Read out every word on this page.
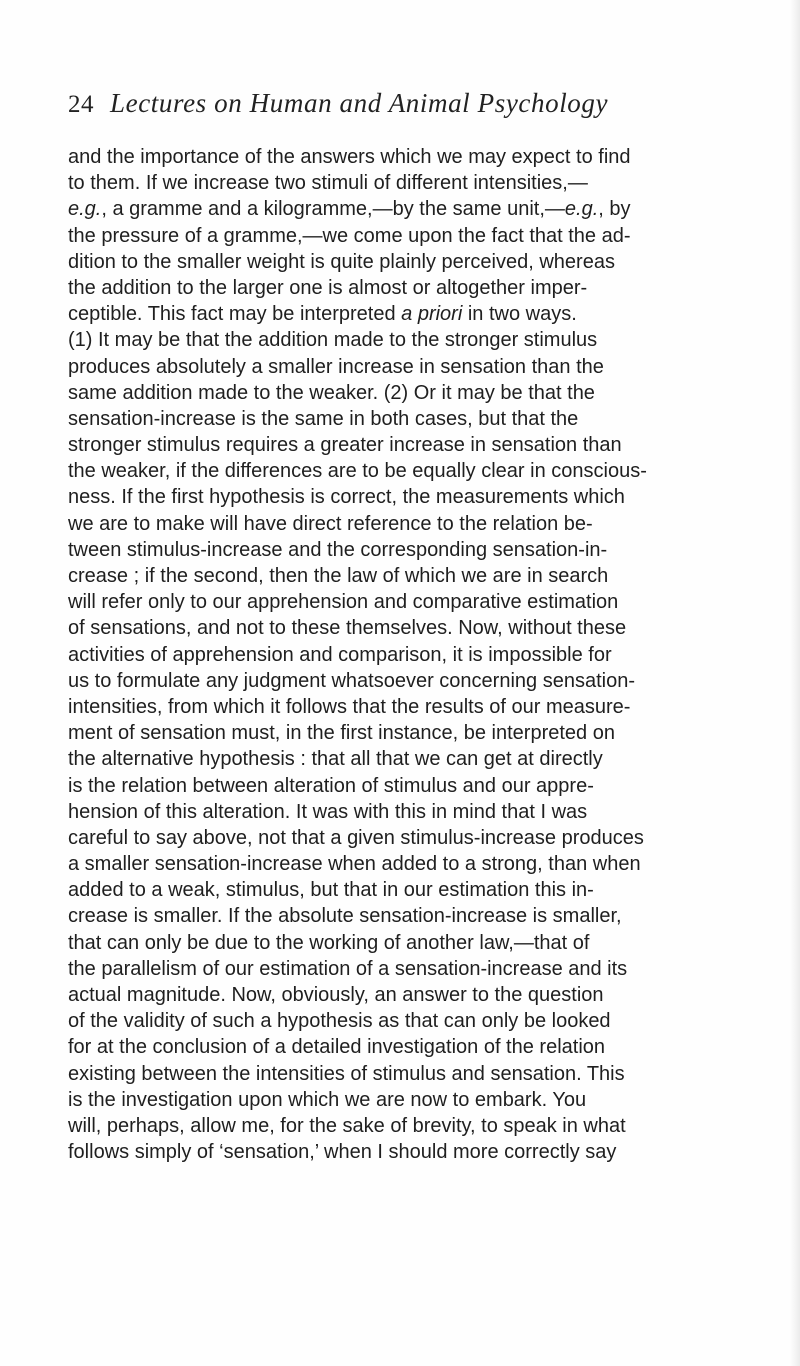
24 Lectures on Human and Animal Psychology
and the importance of the answers which we may expect to find
to them. If we increase two stimuli of different intensities,—
e.g., a gramme and a kilogramme,—by the same unit,—e.g., by
the pressure of a gramme,—we come upon the fact that the ad-
dition to the smaller weight is quite plainly perceived, whereas
the addition to the larger one is almost or altogether imper-
ceptible. This fact may be interpreted a priori in two ways.
(1) It may be that the addition made to the stronger stimulus
produces absolutely a smaller increase in sensation than the
same addition made to the weaker. (2) Or it may be that the
sensation-increase is the same in both cases, but that the
stronger stimulus requires a greater increase in sensation than
the weaker, if the differences are to be equally clear in conscious-
ness. If the first hypothesis is correct, the measurements which
we are to make will have direct reference to the relation be-
tween stimulus-increase and the corresponding sensation-in-
crease ; if the second, then the law of which we are in search
will refer only to our apprehension and comparative estimation
of sensations, and not to these themselves. Now, without these
activities of apprehension and comparison, it is impossible for
us to formulate any judgment whatsoever concerning sensation-
intensities, from which it follows that the results of our measure-
ment of sensation must, in the first instance, be interpreted on
the alternative hypothesis : that all that we can get at directly
is the relation between alteration of stimulus and our appre-
hension of this alteration. It was with this in mind that I was
careful to say above, not that a given stimulus-increase produces
a smaller sensation-increase when added to a strong, than when
added to a weak, stimulus, but that in our estimation this in-
crease is smaller. If the absolute sensation-increase is smaller,
that can only be due to the working of another law,—that of
the parallelism of our estimation of a sensation-increase and its
actual magnitude. Now, obviously, an answer to the question
of the validity of such a hypothesis as that can only be looked
for at the conclusion of a detailed investigation of the relation
existing between the intensities of stimulus and sensation. This
is the investigation upon which we are now to embark. You
will, perhaps, allow me, for the sake of brevity, to speak in what
follows simply of ‘sensation,’ when I should more correctly say
